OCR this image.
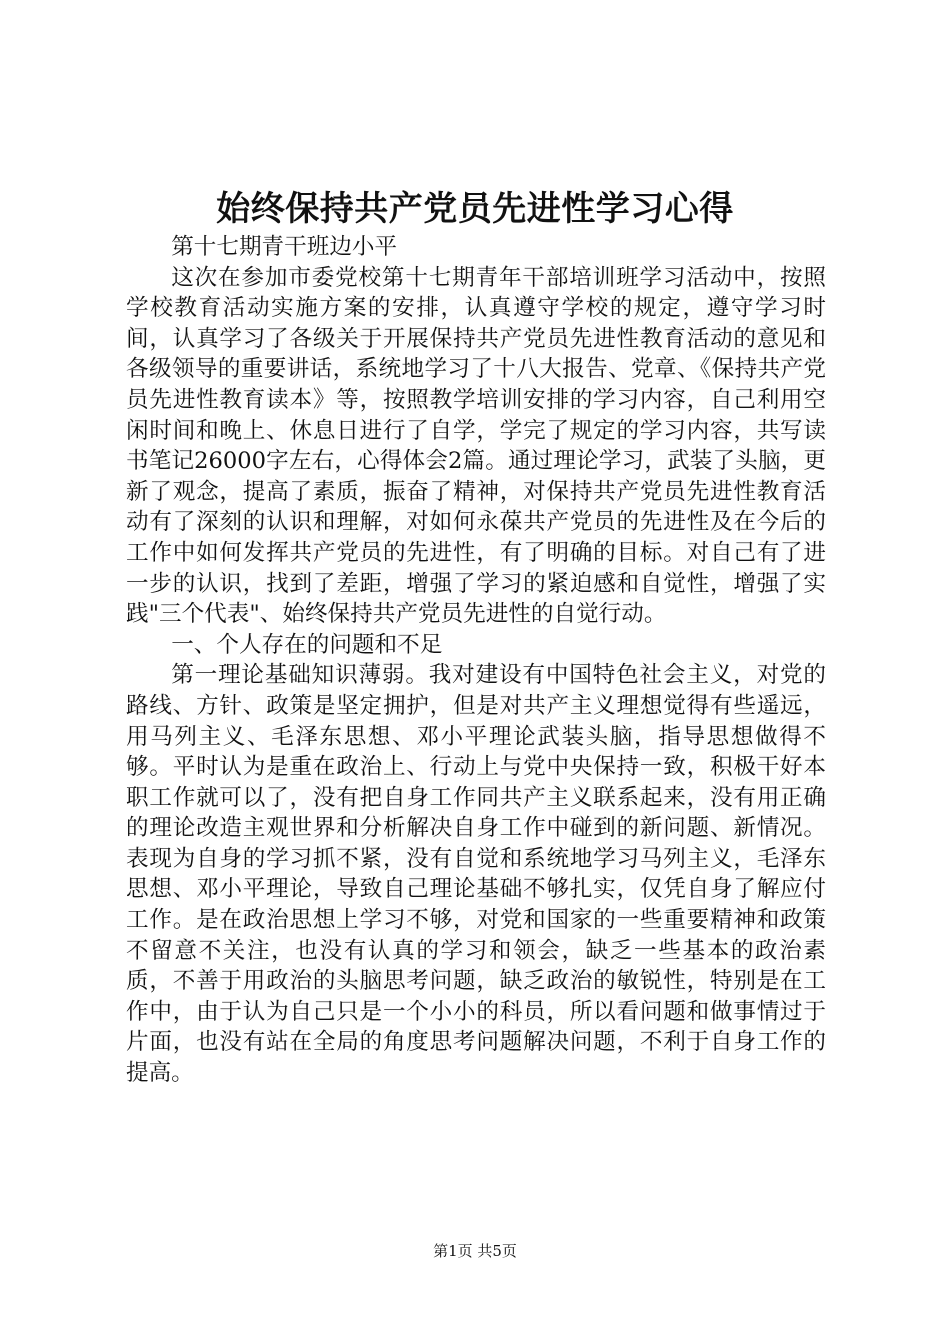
始终保持共产党员先进性学习心得

第十七期青干班边小平

这次在参加市委党校第十七期青年干部培训班学习活动中，按照学校教育活动实施方案的安排，认真遵守学校的规定，遵守学习时间，认真学习了各级关于开展保持共产党员先进性教育活动的意见和各级领导的重要讲话，系统地学习了十八大报告、党章、《保持共产党员先进性教育读本》等，按照教学培训安排的学习内容，自己利用空闲时间和晚上、休息日进行了自学，学完了规定的学习内容，共写读书笔记26000字左右，心得体会2篇。通过理论学习，武装了头脑，更新了观念，提高了素质，振奋了精神，对保持共产党员先进性教育活动有了深刻的认识和理解，对如何永葆共产党员的先进性及在今后的工作中如何发挥共产党员的先进性，有了明确的目标。对自己有了进一步的认识，找到了差距，增强了学习的紧迫感和自觉性，增强了实践"三个代表"、始终保持共产党员先进性的自觉行动。

一、个人存在的问题和不足

第一理论基础知识薄弱。我对建设有中国特色社会主义，对党的路线、方针、政策是坚定拥护，但是对共产主义理想觉得有些遥远，用马列主义、毛泽东思想、邓小平理论武装头脑，指导思想做得不够。平时认为是重在政治上、行动上与党中央保持一致，积极干好本职工作就可以了，没有把自身工作同共产主义联系起来，没有用正确的理论改造主观世界和分析解决自身工作中碰到的新问题、新情况。表现为自身的学习抓不紧，没有自觉和系统地学习马列主义，毛泽东思想、邓小平理论，导致自己理论基础不够扎实，仅凭自身了解应付工作。是在政治思想上学习不够，对党和国家的一些重要精神和政策不留意不关注，也没有认真的学习和领会，缺乏一些基本的政治素质，不善于用政治的头脑思考问题，缺乏政治的敏锐性，特别是在工作中，由于认为自己只是一个小小的科员，所以看问题和做事情过于片面，也没有站在全局的角度思考问题解决问题，不利于自身工作的提高。

第1页 共5页
